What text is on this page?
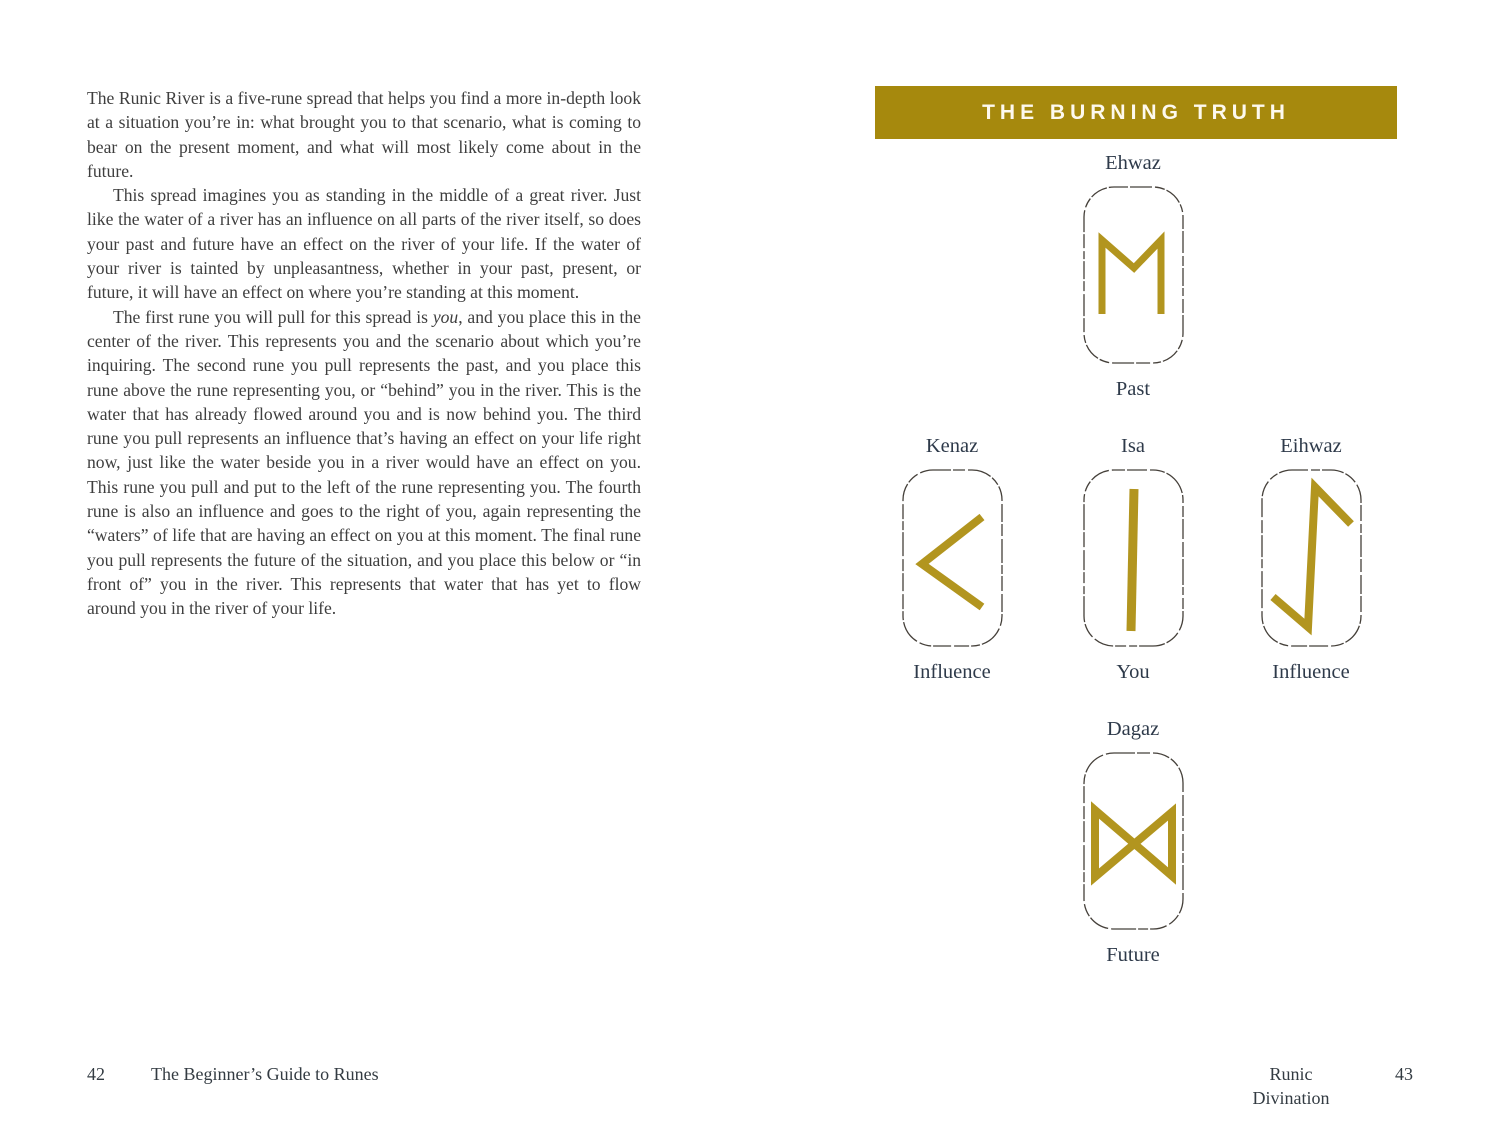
The Runic River is a five-rune spread that helps you find a more in-depth look at a situation you’re in: what brought you to that scenario, what is coming to bear on the present moment, and what will most likely come about in the future.

This spread imagines you as standing in the middle of a great river. Just like the water of a river has an influence on all parts of the river itself, so does your past and future have an effect on the river of your life. If the water of your river is tainted by unpleasantness, whether in your past, present, or future, it will have an effect on where you’re standing at this moment.

The first rune you will pull for this spread is you, and you place this in the center of the river. This represents you and the scenario about which you’re inquiring. The second rune you pull represents the past, and you place this rune above the rune representing you, or “behind” you in the river. This is the water that has already flowed around you and is now behind you. The third rune you pull represents an influence that’s having an effect on your life right now, just like the water beside you in a river would have an effect on you. This rune you pull and put to the left of the rune representing you. The fourth rune is also an influence and goes to the right of you, again representing the “waters” of life that are having an effect on you at this moment. The final rune you pull represents the future of the situation, and you place this below or “in front of” you in the river. This represents that water that has yet to flow around you in the river of your life.

THE BURNING TRUTH
Ehwaz
Past
Kenaz
Influence
Isa
You
Eihwaz
Influence
Dagaz
Future
42	The Beginner’s Guide to Runes	Runic Divination
43
